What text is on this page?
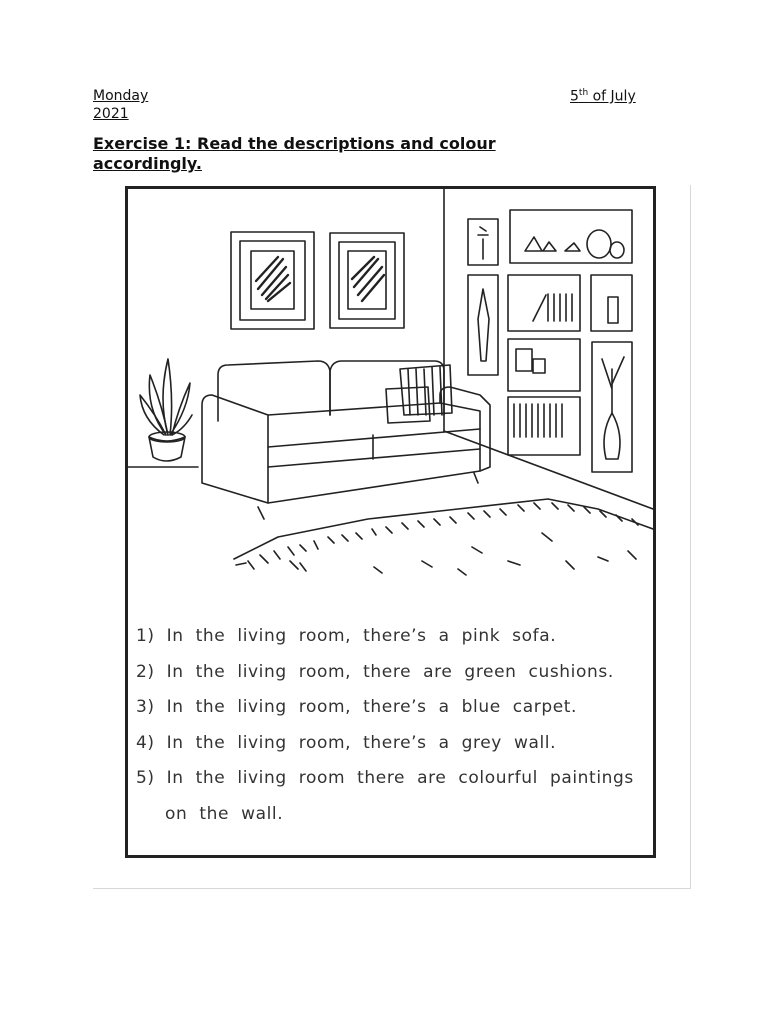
Monday
2021
5th of July
Exercise 1: Read the descriptions and colour accordingly.
1) In the living room, there’s a pink sofa.
2) In the living room, there are green cushions.
3) In the living room, there’s a blue carpet.
4) In the living room, there’s a grey wall.
5) In the living room there are colourful paintings
on the wall.
